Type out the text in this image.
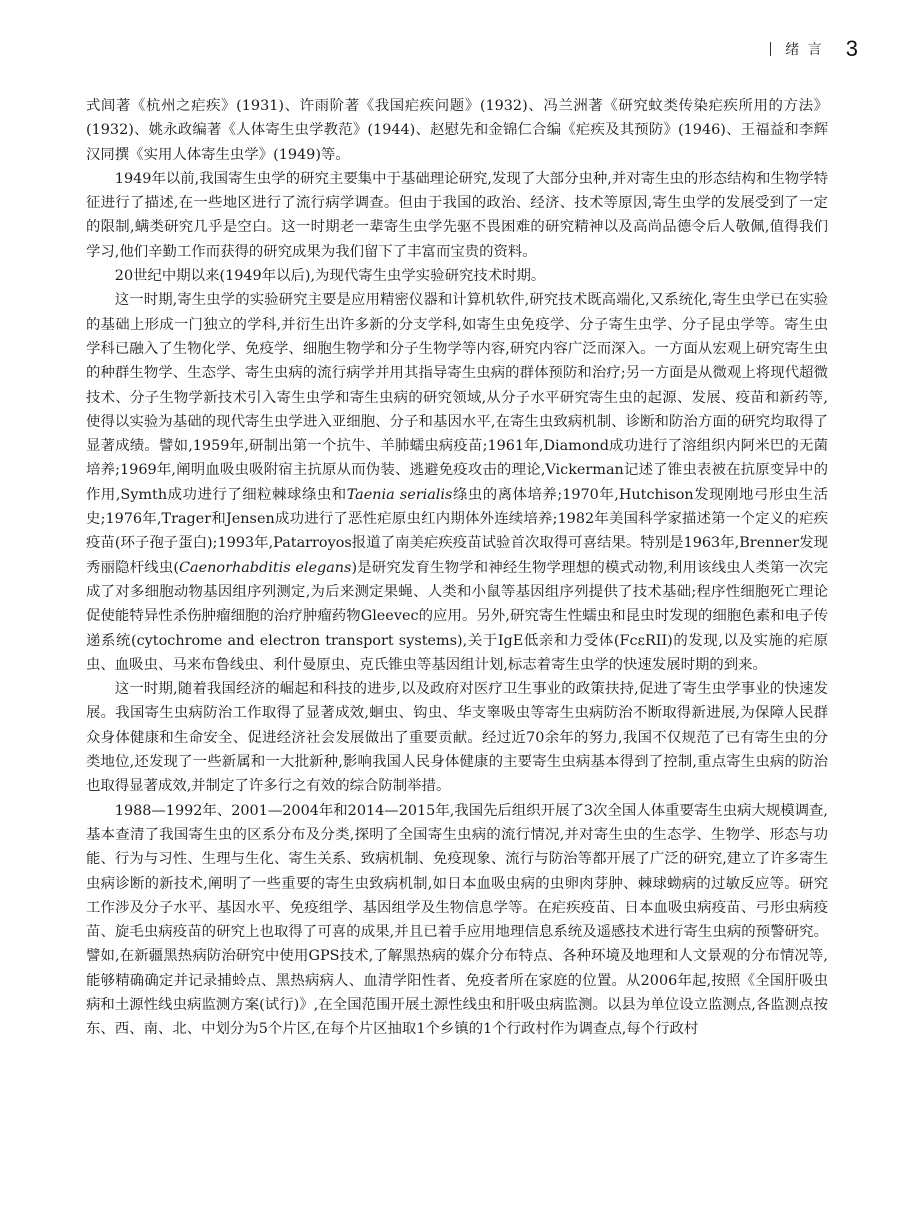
绪 言 3

式闾著《杭州之疟疾》(1931)、许雨阶著《我国疟疾问题》(1932)、冯兰洲著《研究蚊类传染疟疾所用的方法》(1932)、姚永政编著《人体寄生虫学教范》(1944)、赵慰先和金锦仁合编《疟疾及其预防》(1946)、王福益和李辉汉同撰《实用人体寄生虫学》(1949)等。

1949年以前,我国寄生虫学的研究主要集中于基础理论研究,发现了大部分虫种,并对寄生虫的形态结构和生物学特征进行了描述,在一些地区进行了流行病学调查。但由于我国的政治、经济、技术等原因,寄生虫学的发展受到了一定的限制,螨类研究几乎是空白。这一时期老一辈寄生虫学先驱不畏困难的研究精神以及高尚品德令后人敬佩,值得我们学习,他们辛勤工作而获得的研究成果为我们留下了丰富而宝贵的资料。

20世纪中期以来(1949年以后),为现代寄生虫学实验研究技术时期。

这一时期,寄生虫学的实验研究主要是应用精密仪器和计算机软件,研究技术既高端化,又系统化,寄生虫学已在实验的基础上形成一门独立的学科,并衍生出许多新的分支学科,如寄生虫免疫学、分子寄生虫学、分子昆虫学等。寄生虫学科已融入了生物化学、免疫学、细胞生物学和分子生物学等内容,研究内容广泛而深入。一方面从宏观上研究寄生虫的种群生物学、生态学、寄生虫病的流行病学并用其指导寄生虫病的群体预防和治疗;另一方面是从微观上将现代超微技术、分子生物学新技术引入寄生虫学和寄生虫病的研究领域,从分子水平研究寄生虫的起源、发展、疫苗和新药等,使得以实验为基础的现代寄生虫学进入亚细胞、分子和基因水平,在寄生虫致病机制、诊断和防治方面的研究均取得了显著成绩。譬如,1959年,研制出第一个抗牛、羊肺蠕虫病疫苗;1961年,Diamond成功进行了溶组织内阿米巴的无菌培养;1969年,阐明血吸虫吸附宿主抗原从而伪装、逃避免疫攻击的理论,Vickerman记述了锥虫表被在抗原变异中的作用,Symth成功进行了细粒棘球绦虫和Taenia serialis绦虫的离体培养;1970年,Hutchison发现刚地弓形虫生活史;1976年,Trager和Jensen成功进行了恶性疟原虫红内期体外连续培养;1982年美国科学家描述第一个定义的疟疾疫苗(环子孢子蛋白);1993年,Patarroyos报道了南美疟疾疫苗试验首次取得可喜结果。特别是1963年,Brenner发现秀丽隐杆线虫(Caenorhabditis elegans)是研究发育生物学和神经生物学理想的模式动物,利用该线虫人类第一次完成了对多细胞动物基因组序列测定,为后来测定果蝇、人类和小鼠等基因组序列提供了技术基础;程序性细胞死亡理论促使能特异性杀伤肿瘤细胞的治疗肿瘤药物Gleevec的应用。另外,研究寄生性蠕虫和昆虫时发现的细胞色素和电子传递系统(cytochrome and electron transport systems),关于IgE低亲和力受体(FcεRII)的发现,以及实施的疟原虫、血吸虫、马来布鲁线虫、利什曼原虫、克氏锥虫等基因组计划,标志着寄生虫学的快速发展时期的到来。

这一时期,随着我国经济的崛起和科技的进步,以及政府对医疗卫生事业的政策扶持,促进了寄生虫学事业的快速发展。我国寄生虫病防治工作取得了显著成效,蛔虫、钩虫、华支睾吸虫等寄生虫病防治不断取得新进展,为保障人民群众身体健康和生命安全、促进经济社会发展做出了重要贡献。经过近70余年的努力,我国不仅规范了已有寄生虫的分类地位,还发现了一些新属和一大批新种,影响我国人民身体健康的主要寄生虫病基本得到了控制,重点寄生虫病的防治也取得显著成效,并制定了许多行之有效的综合防制举措。

1988—1992年、2001—2004年和2014—2015年,我国先后组织开展了3次全国人体重要寄生虫病大规模调查,基本查清了我国寄生虫的区系分布及分类,探明了全国寄生虫病的流行情况,并对寄生虫的生态学、生物学、形态与功能、行为与习性、生理与生化、寄生关系、致病机制、免疫现象、流行与防治等都开展了广泛的研究,建立了许多寄生虫病诊断的新技术,阐明了一些重要的寄生虫致病机制,如日本血吸虫病的虫卵肉芽肿、棘球蚴病的过敏反应等。研究工作涉及分子水平、基因水平、免疫组学、基因组学及生物信息学等。在疟疾疫苗、日本血吸虫病疫苗、弓形虫病疫苗、旋毛虫病疫苗的研究上也取得了可喜的成果,并且已着手应用地理信息系统及遥感技术进行寄生虫病的预警研究。譬如,在新疆黑热病防治研究中使用GPS技术,了解黑热病的媒介分布特点、各种环境及地理和人文景观的分布情况等,能够精确确定并记录捕蛉点、黑热病病人、血清学阳性者、免疫者所在家庭的位置。从2006年起,按照《全国肝吸虫病和土源性线虫病监测方案(试行)》,在全国范围开展土源性线虫和肝吸虫病监测。以县为单位设立监测点,各监测点按东、西、南、北、中划分为5个片区,在每个片区抽取1个乡镇的1个行政村作为调查点,每个行政村
